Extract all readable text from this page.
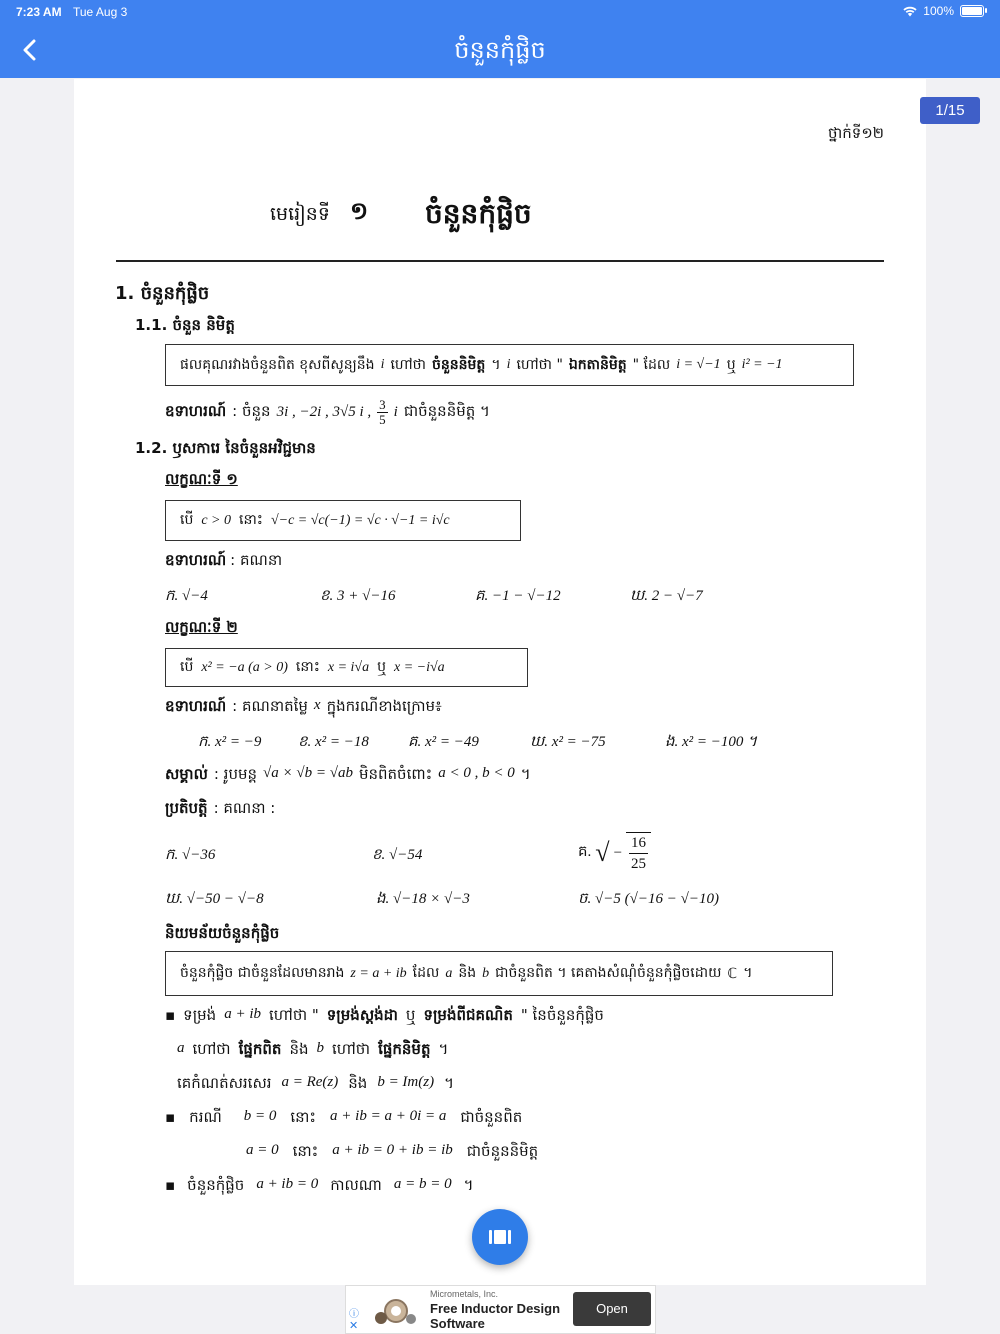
7:23 AM Tue Aug 3	100%
ចំនួនកុំផ្លិច
1/15
ថ្នាក់ទី១២
មេរៀនទី ១ ចំនួនកុំផ្លិច
1. ចំនួនកុំផ្លិច
1.1. ចំនួន និមិត្ត
ផលគុណរវាងចំនួនពិត ខុសពីសូន្យនឹង i ហៅថា ចំនួននិមិត្ត ។ i ហៅថា " ឯកតានិមិត្ត " ដែល i = √−1 ឬ i² = −1
ឧទាហរណ៍ : ចំនួន 3i , −2i , 3√5 i , $\frac{3}{5}$ i ជាចំនួននិមិត្ត ។
1.2. ឫសការេ នៃចំនួនអវិជ្ជមាន
លក្ខណៈទី ១
បើ c > 0 នោះ √−c = √c(−1) = √c · √−1 = i√c
ឧទាហរណ៍ : គណនា
ក. √−4	ខ. 3 + √−16	គ. −1 − √−12	ឃ. 2 − √−7
លក្ខណៈទី ២
បើ x² = −a (a > 0) នោះ x = i√a ឬ x = −i√a
ឧទាហរណ៍ : គណនាតម្លៃ x ក្នុងករណីខាងក្រោម៖
ក. x² = −9 ខ. x² = −18	គ. x² = −49	ឃ. x² = −75	ង. x² = −100 ។
សម្គាល់ : រូបមន្ត √a × √b = √ab មិនពិតចំពោះ a < 0 , b < 0 ។
ប្រតិបត្តិ : គណនា :
ក. √−36	ខ. √−54	គ. √ − $\frac{16}{25}$
ឃ. √−50 − √−8	ង. √−18 × √−3	ច. √−5 (√−16 − √−10)
និយមន័យចំនួនកុំផ្លិច
ចំនួនកុំផ្លិច ជាចំនួនដែលមានរាង z = a + ib ដែល a និង b ជាចំនួនពិត ។ គេតាងសំណុំចំនួនកុំផ្លិចដោយ ℂ ។
▪ ទម្រង់ a + ib ហៅថា " ទម្រង់ស្តង់ដា ឬ ទម្រង់ពីជគណិត " នៃចំនួនកុំផ្លិច
a ហៅថា ផ្នែកពិត និង b ហៅថា ផ្នែកនិមិត្ត ។
គេកំណត់សរសេរ a = Re(z) និង b = Im(z) ។
▪ ករណី b = 0 នោះ a + ib = a + 0i = a ជាចំនួនពិត
a = 0 នោះ a + ib = 0 + ib = ib ជាចំនួននិមិត្ត
▪ ចំនួនកុំផ្លិច a + ib = 0 កាលណា a = b = 0 ។
ⓘ
✕
Micrometals, Inc.
Free Inductor Design Software
Open
